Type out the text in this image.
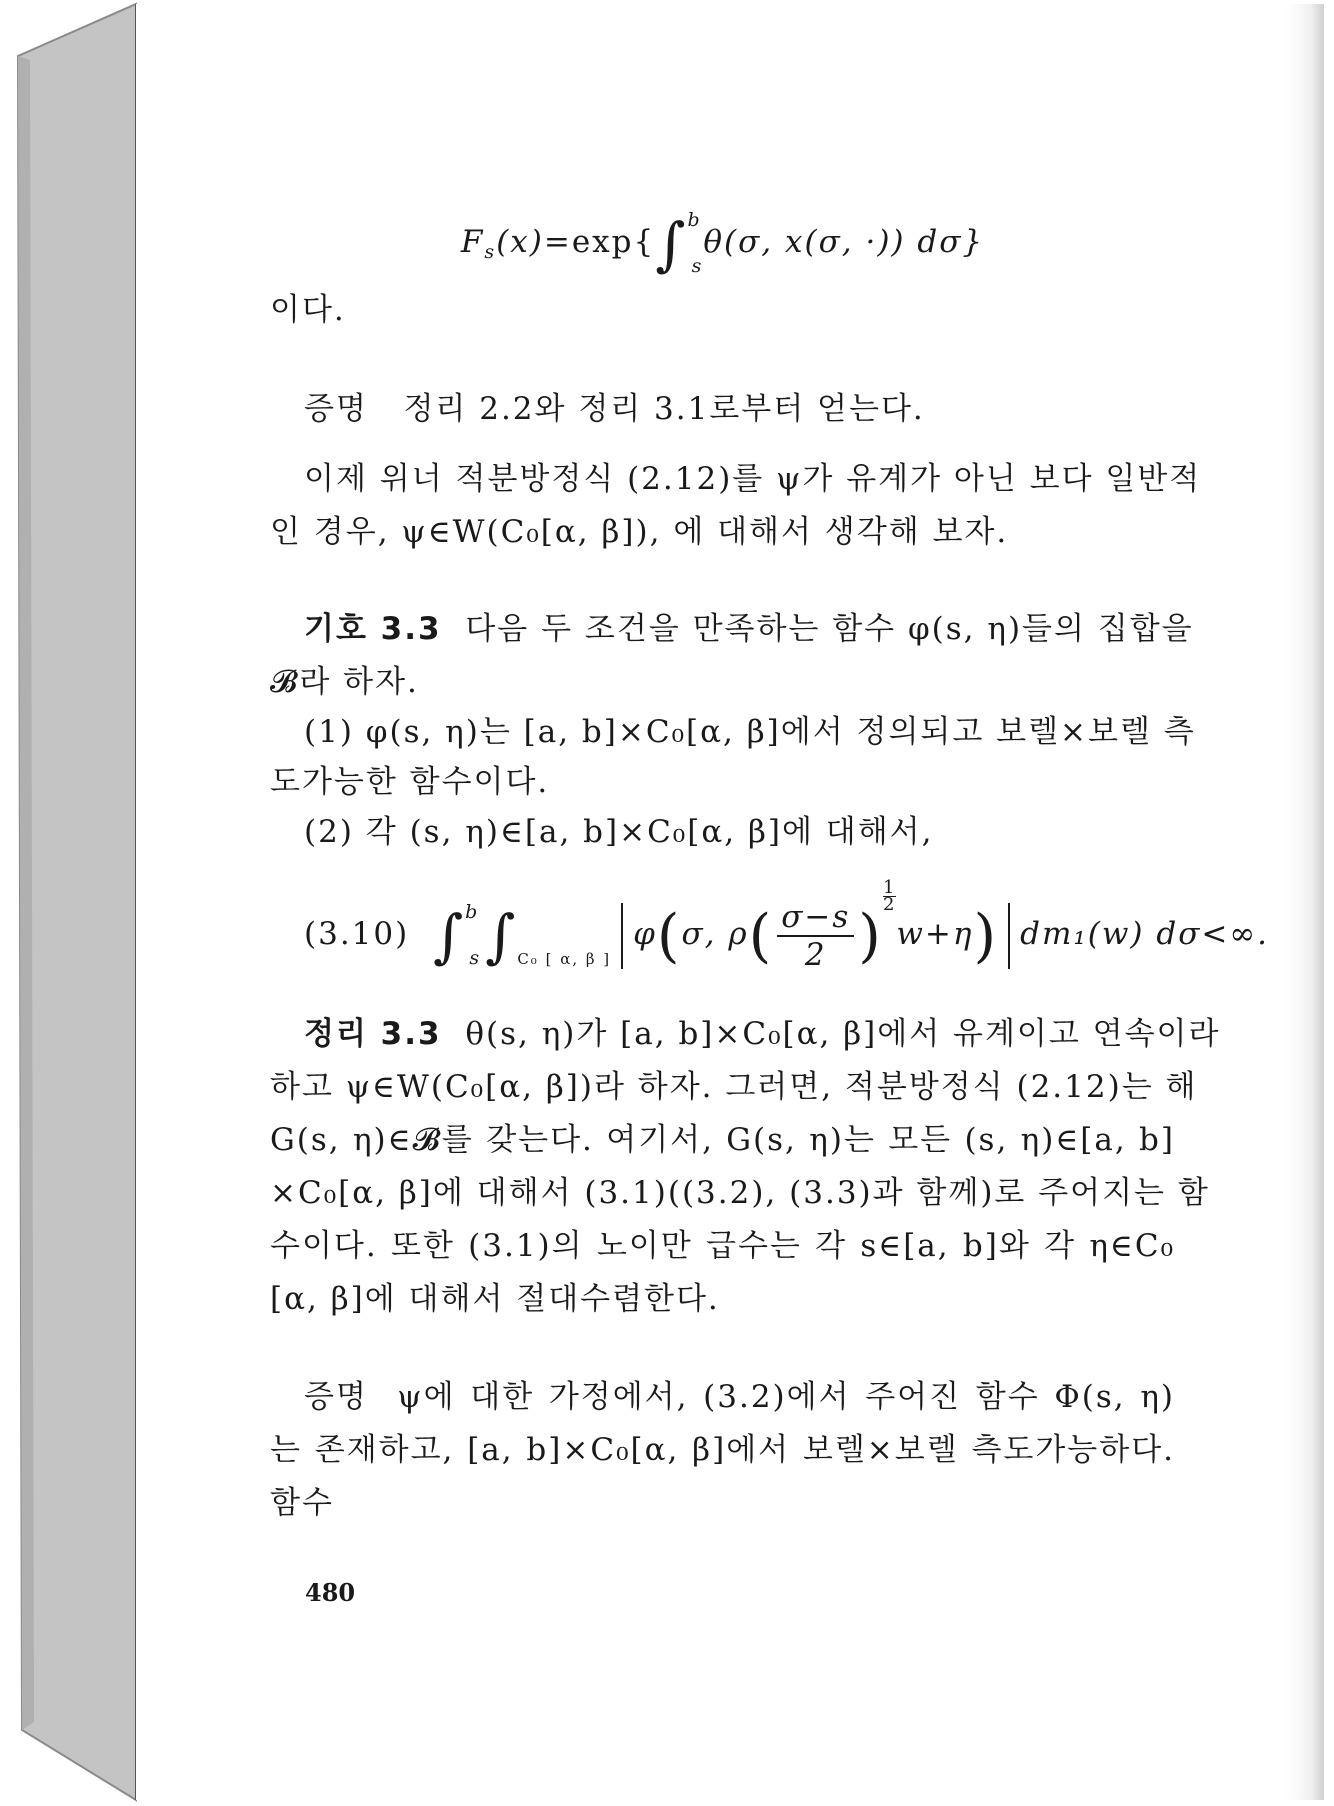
$F_s(x)=\exp\{\int^b_s\theta(\sigma$, x(σ, ·)) dσ}
이다.
증명 정리 2.2와 정리 3.1로부터 얻는다.
이제 위너 적분방정식 (2.12)를 ψ가 유계가 아닌 보다 일반적
인 경우, ψ∈W(C₀[α, β]), 에 대해서 생각해 보자.
기호 3.3 다음 두 조건을 만족하는 함수 φ(s, η)들의 집합을
𝓑라 하자.
(1) φ(s, η)는 [a, b]×C₀[α, β]에서 정의되고 보렐×보렐 측
도가능한 함수이다.
(2) 각 (s, η)∈[a, b]×C₀[α, β]에 대해서,
(3.10) $\int^b_s\int_{C_0 [ \alpha, \beta ]}\varphi(\sigma$, $\rho( \frac{\sigma-s}{2}$ )
$\frac{1}{2}$
w+η) dm₁(w) dσ<∞.
정리 3.3 θ(s, η)가 [a, b]×C₀[α, β]에서 유계이고 연속이라
하고 ψ∈W(C₀[α, β])라 하자. 그러면, 적분방정식 (2.12)는 해
G(s, η)∈𝓑를 갖는다. 여기서, G(s, η)는 모든 (s, η)∈[a, b]
×C₀[α, β]에 대해서 (3.1)((3.2), (3.3)과 함께)로 주어지는 함
수이다. 또한 (3.1)의 노이만 급수는 각 s∈[a, b]와 각 η∈C₀
[α, β]에 대해서 절대수렴한다.
증명 ψ에 대한 가정에서, (3.2)에서 주어진 함수 Φ(s, η)
는 존재하고, [a, b]×C₀[α, β]에서 보렐×보렐 측도가능하다.
함수
480
